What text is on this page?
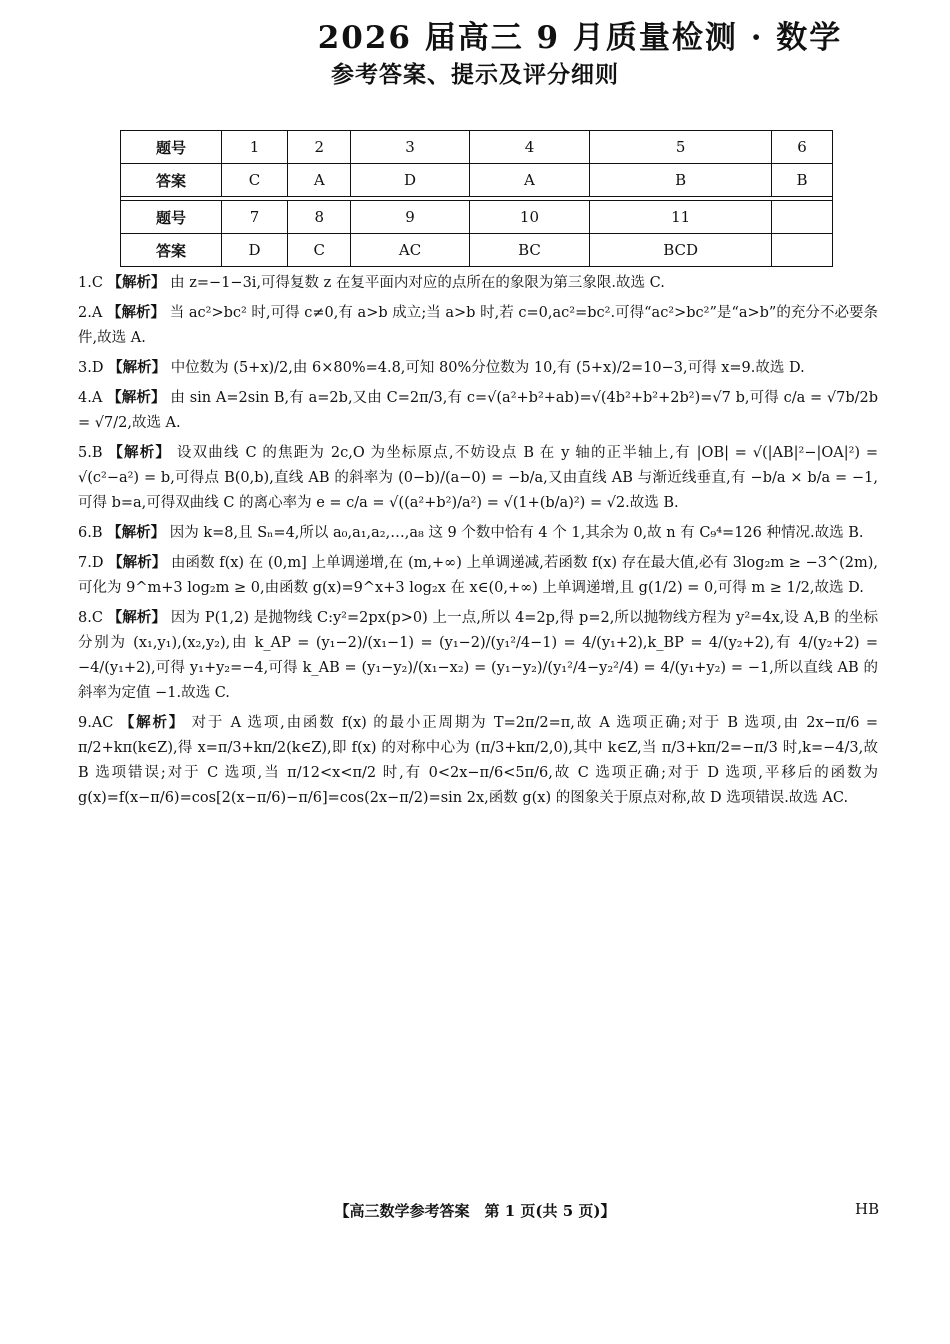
2026 届高三 9 月质量检测 · 数学
参考答案、提示及评分细则
题号	1	2	3	4	5	6
答案	C	A	D	A	B	B

题号	7	8	9	10	11	
答案	D	C	AC	BC	BCD	

1.C 【解析】 由 z=−1−3i,可得复数 z 在复平面内对应的点所在的象限为第三象限.故选 C.

2.A 【解析】 当 ac²>bc² 时,可得 c≠0,有 a>b 成立;当 a>b 时,若 c=0,ac²=bc².可得“ac²>bc²”是“a>b”的充分不必要条件,故选 A.

3.D 【解析】 中位数为 (5+x)/2,由 6×80%=4.8,可知 80%分位数为 10,有 (5+x)/2=10−3,可得 x=9.故选 D.

4.A 【解析】 由 sin A=2sin B,有 a=2b,又由 C=2π/3,有 c=√(a²+b²+ab)=√(4b²+b²+2b²)=√7 b,可得 c/a = √7b/2b = √7/2,故选 A.

5.B 【解析】 设双曲线 C 的焦距为 2c,O 为坐标原点,不妨设点 B 在 y 轴的正半轴上,有 |OB| = √(|AB|²−|OA|²) = √(c²−a²) = b,可得点 B(0,b),直线 AB 的斜率为 (0−b)/(a−0) = −b/a,又由直线 AB 与渐近线垂直,有 −b/a × b/a = −1,可得 b=a,可得双曲线 C 的离心率为 e = c/a = √((a²+b²)/a²) = √(1+(b/a)²) = √2.故选 B.

6.B 【解析】 因为 k=8,且 Sₙ=4,所以 a₀,a₁,a₂,…,a₈ 这 9 个数中恰有 4 个 1,其余为 0,故 n 有 C₉⁴=126 种情况.故选 B.

7.D 【解析】 由函数 f(x) 在 (0,m] 上单调递增,在 (m,+∞) 上单调递减,若函数 f(x) 存在最大值,必有 3log₂m ≥ −3^(2m),可化为 9^m+3 log₂m ≥ 0,由函数 g(x)=9^x+3 log₂x 在 x∈(0,+∞) 上单调递增,且 g(1/2) = 0,可得 m ≥ 1/2,故选 D.

8.C 【解析】 因为 P(1,2) 是抛物线 C:y²=2px(p>0) 上一点,所以 4=2p,得 p=2,所以抛物线方程为 y²=4x,设 A,B 的坐标分别为 (x₁,y₁),(x₂,y₂),由 k_AP = (y₁−2)/(x₁−1) = (y₁−2)/(y₁²/4−1) = 4/(y₁+2),k_BP = 4/(y₂+2),有 4/(y₂+2) = −4/(y₁+2),可得 y₁+y₂=−4,可得 k_AB = (y₁−y₂)/(x₁−x₂) = (y₁−y₂)/(y₁²/4−y₂²/4) = 4/(y₁+y₂) = −1,所以直线 AB 的斜率为定值 −1.故选 C.

9.AC 【解析】 对于 A 选项,由函数 f(x) 的最小正周期为 T=2π/2=π,故 A 选项正确;对于 B 选项,由 2x−π/6 = π/2+kπ(k∈Z),得 x=π/3+kπ/2(k∈Z),即 f(x) 的对称中心为 (π/3+kπ/2,0),其中 k∈Z,当 π/3+kπ/2=−π/3 时,k=−4/3,故 B 选项错误;对于 C 选项,当 π/12<x<π/2 时,有 0<2x−π/6<5π/6,故 C 选项正确;对于 D 选项,平移后的函数为 g(x)=f(x−π/6)=cos[2(x−π/6)−π/6]=cos(2x−π/2)=sin 2x,函数 g(x) 的图象关于原点对称,故 D 选项错误.故选 AC.

【高三数学参考答案　第 1 页(共 5 页)】	HB
